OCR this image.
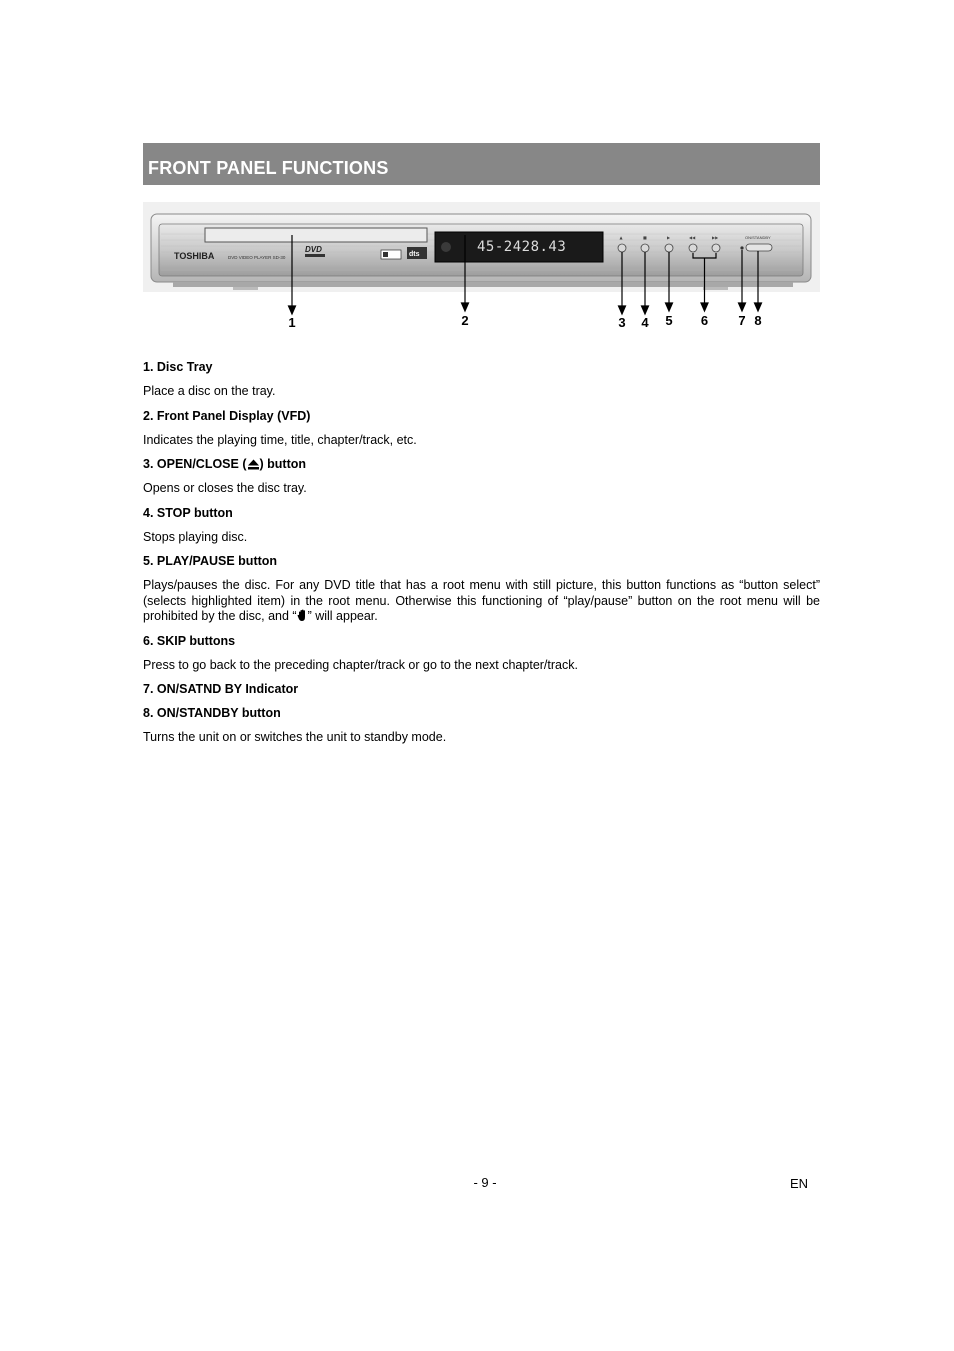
FRONT PANEL FUNCTIONS
TOSHIBA	DVD VIDEO PLAYER SD-30
DVD
dts	45-2428.43
▲	■	▶	◀◀	▶▶	ON/STANDBY
1	2	3 4 5 6 7 8

1. Disc Tray

Place a disc on the tray.

2. Front Panel Display (VFD)

Indicates the playing time, title, chapter/track, etc.

3. OPEN/CLOSE ( ) button

Opens or closes the disc tray.

4. STOP button

Stops playing disc.

5. PLAY/PAUSE button

Plays/pauses the disc. For any DVD title that has a root menu with still picture, this button functions as “button select” (selects highlighted item) in the root menu. Otherwise this functioning of “play/pause” button on the root menu will be prohibited by the disc, and “ ” will appear.

6. SKIP buttons

Press to go back to the preceding chapter/track or go to the next chapter/track.

7. ON/SATND BY Indicator

8. ON/STANDBY button

Turns the unit on or switches the unit to standby mode.

- 9 -	EN
